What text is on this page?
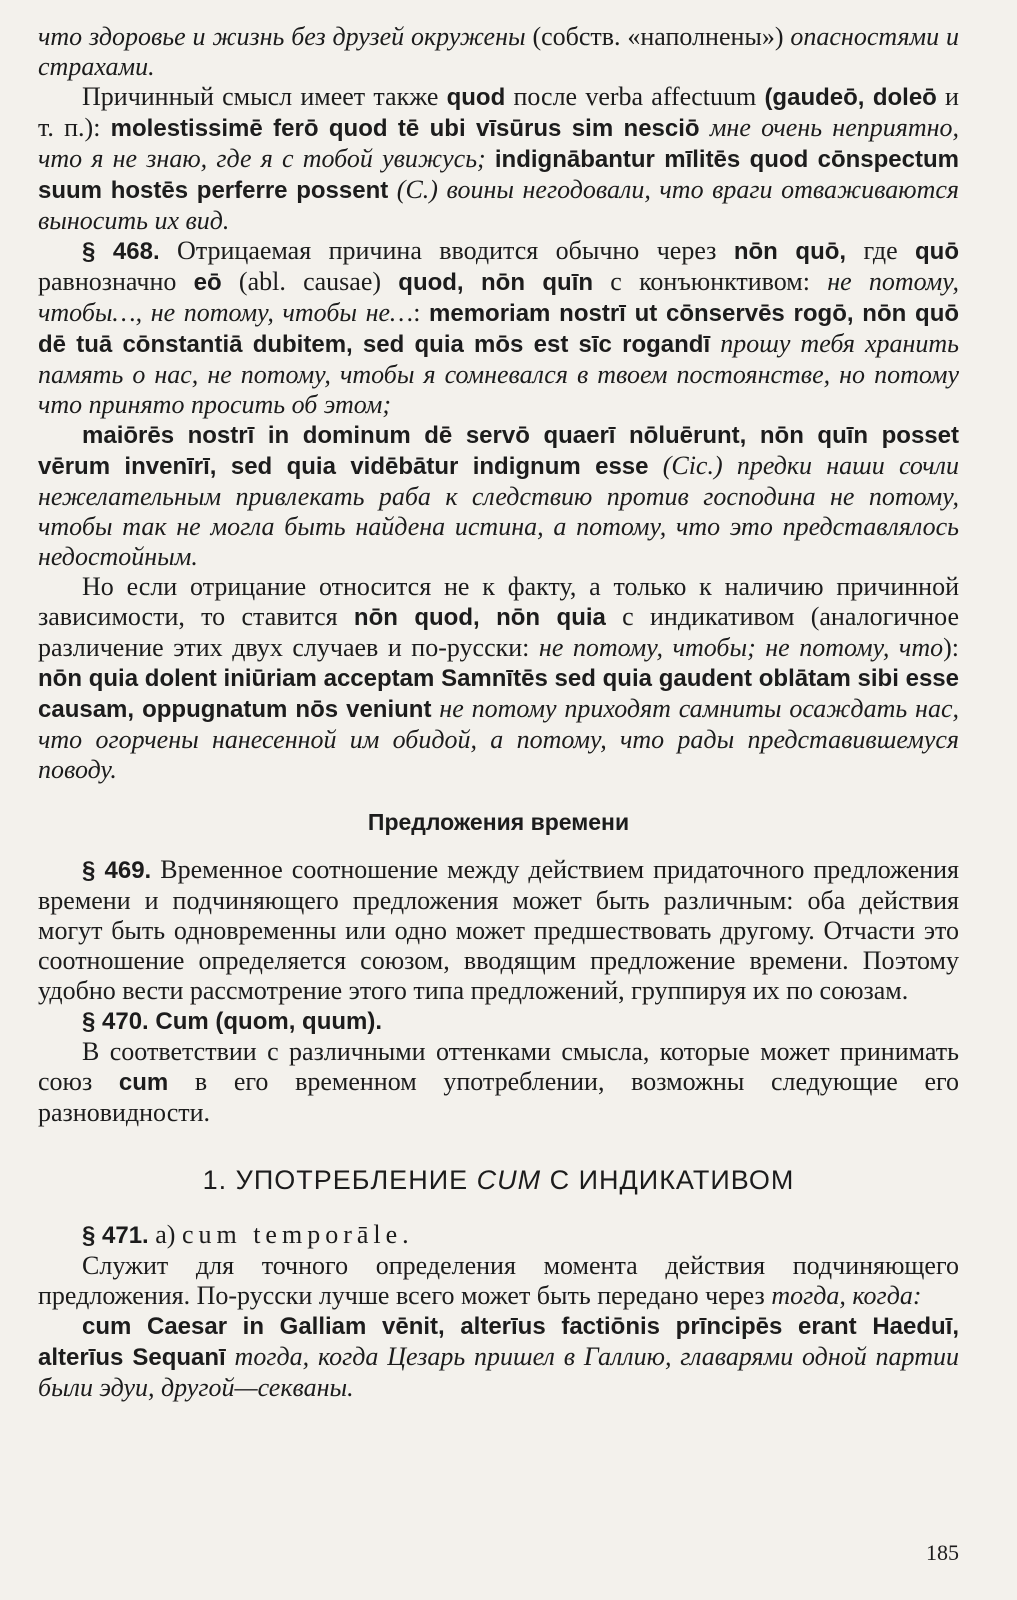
что здоровье и жизнь без друзей окружены (собств. «наполнены») опасностями и страхами.

Причинный смысл имеет также quod после verba affectuum (gaudeō, doleō и т. п.): molestissimē ferō quod tē ubi vīsūrus sim nesciō мне очень неприятно, что я не знаю, где я с тобой увижусь; indignābantur mīlitēs quod cōnspectum suum hostēs perferre possent (C.) воины негодовали, что враги отваживаются выносить их вид.

§ 468. Отрицаемая причина вводится обычно через nōn quō, где quō равнозначно eō (abl. causae) quod, nōn quīn с конъюнктивом: не потому, чтобы…, не потому, чтобы не…: memoriam nostrī ut cōnservēs rogō, nōn quō dē tuā cōnstantiā dubitem, sed quia mōs est sīc rogandī прошу тебя хранить память о нас, не потому, чтобы я сомневался в твоем постоянстве, но потому что принято просить об этом;

maiōrēs nostrī in dominum dē servō quaerī nōluērunt, nōn quīn posset vērum invenīrī, sed quia vidēbātur indignum esse (Cic.) предки наши сочли нежелательным привлекать раба к следствию против господина не потому, чтобы так не могла быть найдена истина, а потому, что это представлялось недостойным.

Но если отрицание относится не к факту, а только к наличию причинной зависимости, то ставится nōn quod, nōn quia с индикативом (аналогичное различение этих двух случаев и по-русски: не потому, чтобы; не потому, что): nōn quia dolent iniūriam acceptam Samnītēs sed quia gaudent oblātam sibi esse causam, oppugnatum nōs veniunt не потому приходят самниты осаждать нас, что огорчены нанесенной им обидой, а потому, что рады представившемуся поводу.

Предложения времени

§ 469. Временное соотношение между действием придаточного предложения времени и подчиняющего предложения может быть различным: оба действия могут быть одновременны или одно может предшествовать другому. Отчасти это соотношение определяется союзом, вводящим предложение времени. Поэтому удобно вести рассмотрение этого типа предложений, группируя их по союзам.

§ 470. Cum (quom, quum).

В соответствии с различными оттенками смысла, которые может принимать союз cum в его временном употреблении, возможны следующие его разновидности.

1. УПОТРЕБЛЕНИЕ CUM С ИНДИКАТИВОМ

§ 471. а) cum temporāle.

Служит для точного определения момента действия подчиняющего предложения. По-русски лучше всего может быть передано через тогда, когда:

cum Caesar in Galliam vēnit, alterīus factiōnis prīncipēs erant Haeduī, alterīus Sequanī тогда, когда Цезарь пришел в Галлию, главарями одной партии были эдуи, другой—секваны.

185
